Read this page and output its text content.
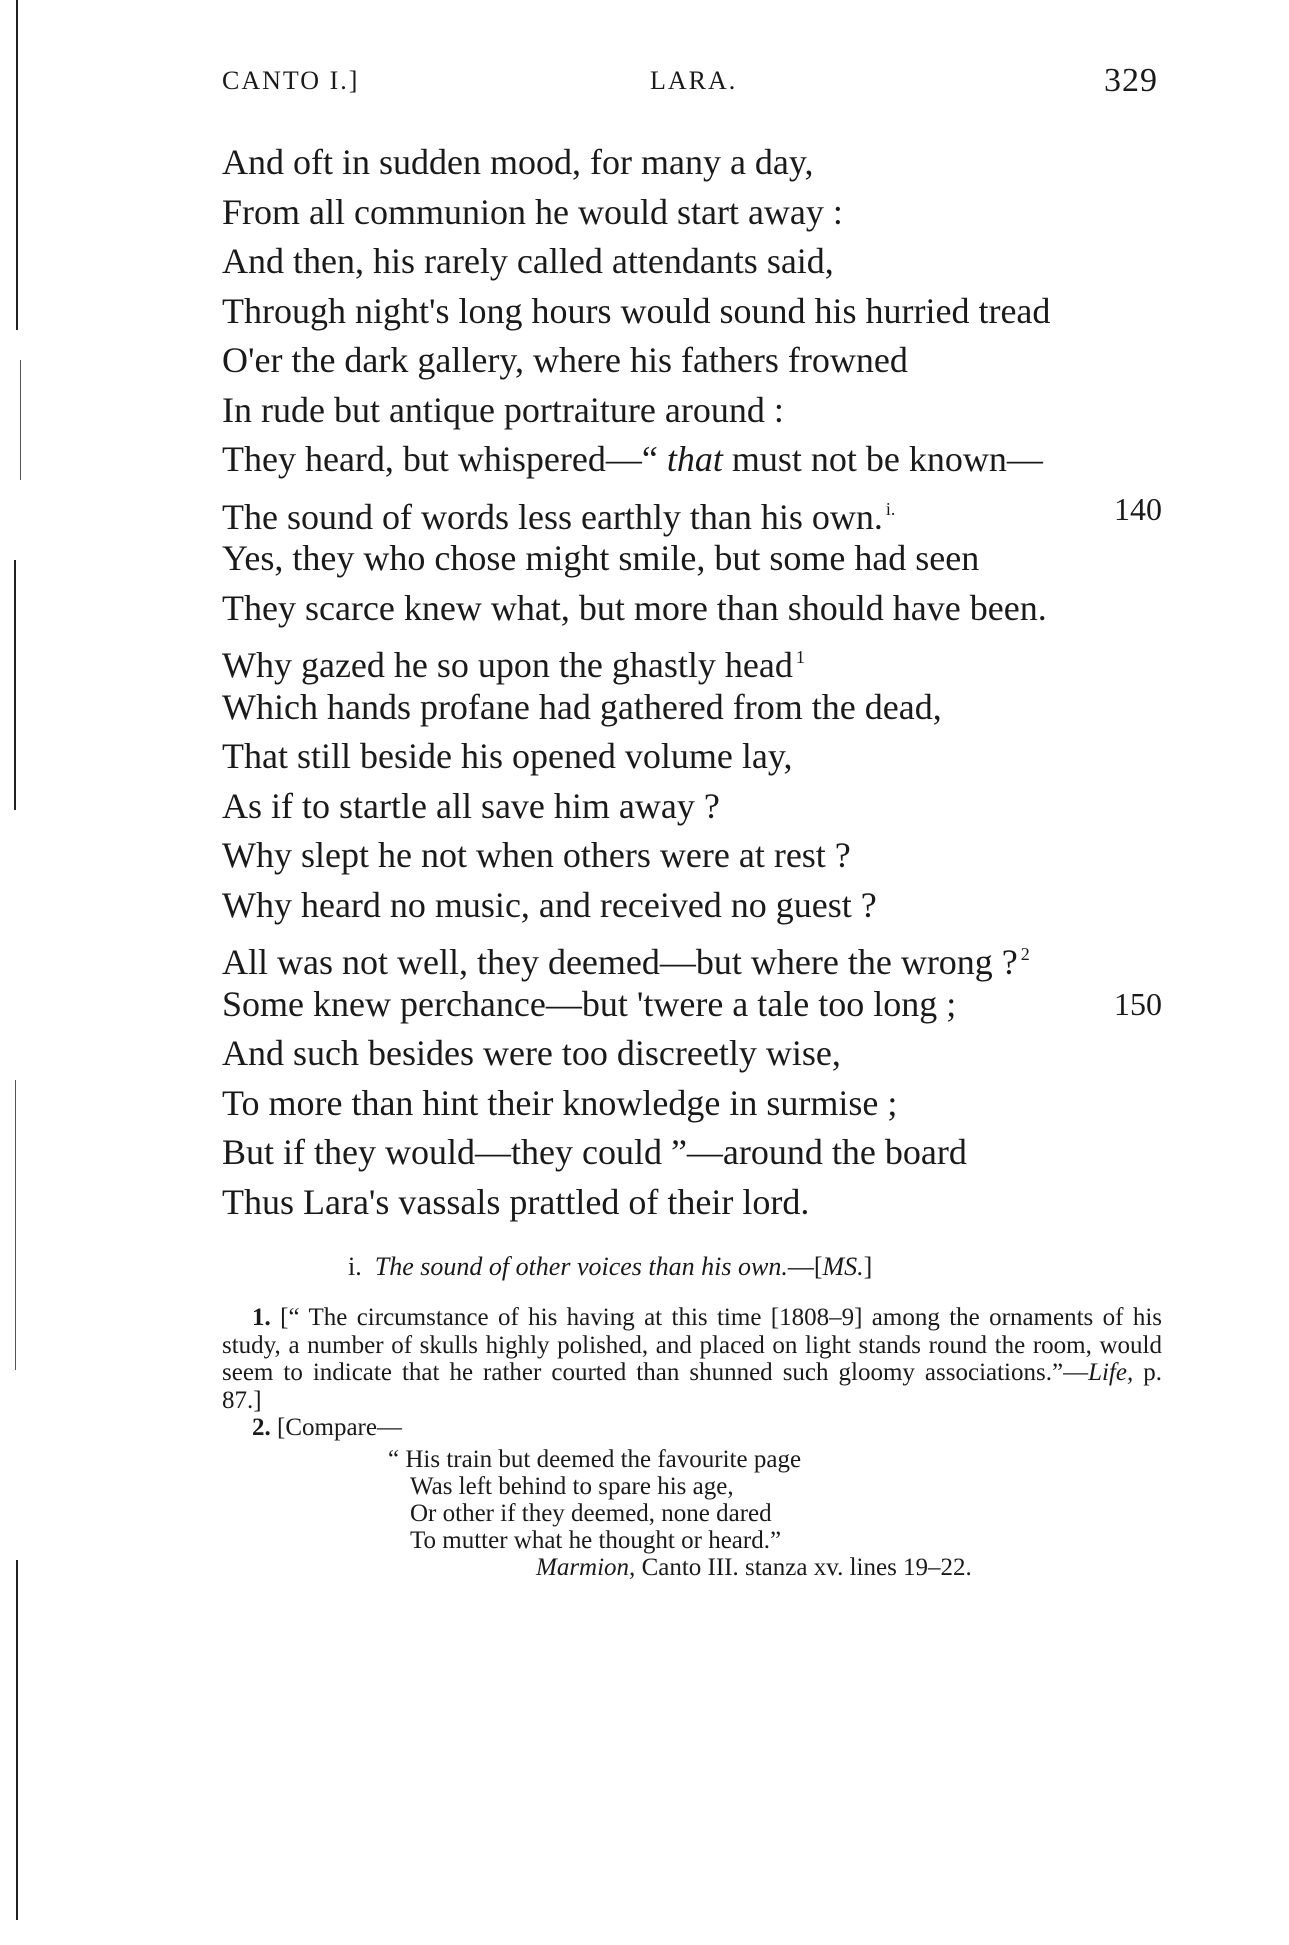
CANTO I.]	LARA.	329
And oft in sudden mood, for many a day,
From all communion he would start away :
And then, his rarely called attendants said,
Through night's long hours would sound his hurried tread
O'er the dark gallery, where his fathers frowned
In rude but antique portraiture around :
They heard, but whispered—“ that must not be known—
The sound of words less earthly than his own. $^{i.}$	140
Yes, they who chose might smile, but some had seen
They scarce knew what, but more than should have been.
Why gazed he so upon the ghastly head $^1$
Which hands profane had gathered from the dead,
That still beside his opened volume lay,
As if to startle all save him away ?
Why slept he not when others were at rest ?
Why heard no music, and received no guest ?
All was not well, they deemed—but where the wrong ? $^2$
Some knew perchance—but 'twere a tale too long ;	150
And such besides were too discreetly wise,
To more than hint their knowledge in surmise ;
But if they would—they could ”—around the board
Thus Lara's vassals prattled of their lord.
i. The sound of other voices than his own.—[MS.]

1. [“ The circumstance of his having at this time [1808–9] among the ornaments of his study, a number of skulls highly polished, and placed on light stands round the room, would seem to indicate that he rather courted than shunned such gloomy associations.”—Life, p. 87.]

2. [Compare—

“ His train but deemed the favourite page
Was left behind to spare his age,
Or other if they deemed, none dared
To mutter what he thought or heard.”
Marmion, Canto III. stanza xv. lines 19–22.
